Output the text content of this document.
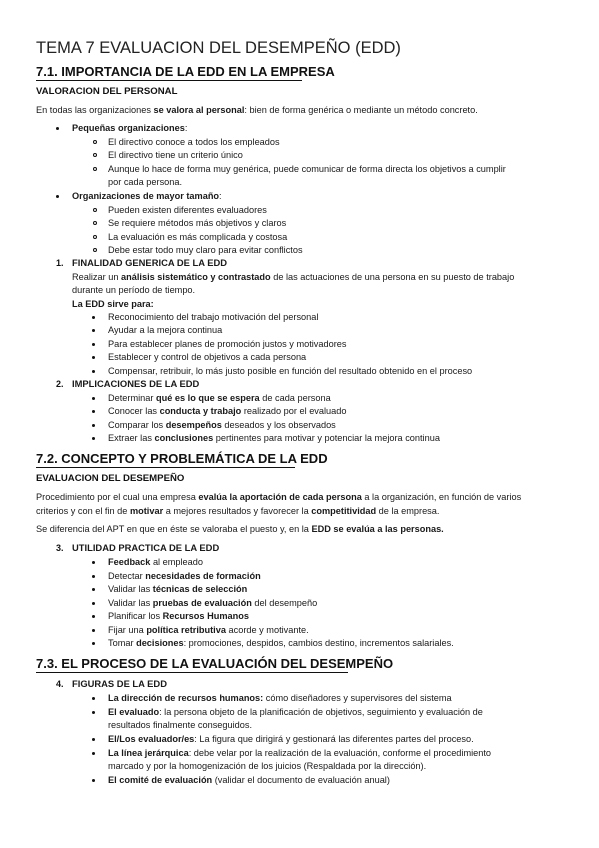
TEMA 7 EVALUACION DEL DESEMPEÑO (EDD)
7.1. IMPORTANCIA DE LA EDD EN LA EMPRESA
VALORACION DEL PERSONAL
En todas las organizaciones se valora al personal: bien de forma genérica o mediante un método concreto.
Pequeñas organizaciones:
El directivo conoce a todos los empleados
El directivo tiene un criterio único
Aunque lo hace de forma muy genérica, puede comunicar de forma directa los objetivos a cumplir
por cada persona.
Organizaciones de mayor tamaño:
Pueden existen diferentes evaluadores
Se requiere métodos más objetivos y claros
La evaluación es más complicada y costosa
Debe estar todo muy claro para evitar conflictos
1. FINALIDAD GENERICA DE LA EDD
Realizar un análisis sistemático y contrastado de las actuaciones de una persona en su puesto de trabajo
durante un período de tiempo.
La EDD sirve para:
Reconocimiento del trabajo motivación del personal
Ayudar a la mejora continua
Para establecer planes de promoción justos y motivadores
Establecer y control de objetivos a cada persona
Compensar, retribuir, lo más justo posible en función del resultado obtenido en el proceso
2. IMPLICACIONES DE LA EDD
Determinar qué es lo que se espera de cada persona
Conocer las conducta y trabajo realizado por el evaluado
Comparar los desempeños deseados y los observados
Extraer las conclusiones pertinentes para motivar y potenciar la mejora continua
7.2. CONCEPTO Y PROBLEMÁTICA DE LA EDD
EVALUACION DEL DESEMPEÑO
Procedimiento por el cual una empresa evalúa la aportación de cada persona a la organización, en función de varios
criterios y con el fin de motivar a mejores resultados y favorecer la competitividad de la empresa.
Se diferencia del APT en que en éste se valoraba el puesto y, en la EDD se evalúa a las personas.
3. UTILIDAD PRACTICA DE LA EDD
Feedback al empleado
Detectar necesidades de formación
Validar las técnicas de selección
Validar las pruebas de evaluación del desempeño
Planificar los Recursos Humanos
Fijar una política retributiva acorde y motivante.
Tomar decisiones: promociones, despidos, cambios destino, incrementos salariales.
7.3. EL PROCESO DE LA EVALUACIÓN DEL DESEMPEÑO
4. FIGURAS DE LA EDD
La dirección de recursos humanos: cómo diseñadores y supervisores del sistema
El evaluado: la persona objeto de la planificación de objetivos, seguimiento y evaluación de
resultados finalmente conseguidos.
El/Los evaluador/es: La figura que dirigirá y gestionará las diferentes partes del proceso.
La línea jerárquica: debe velar por la realización de la evaluación, conforme el procedimiento
marcado y por la homogenización de los juicios (Respaldada por la dirección).
El comité de evaluación (validar el documento de evaluación anual)
